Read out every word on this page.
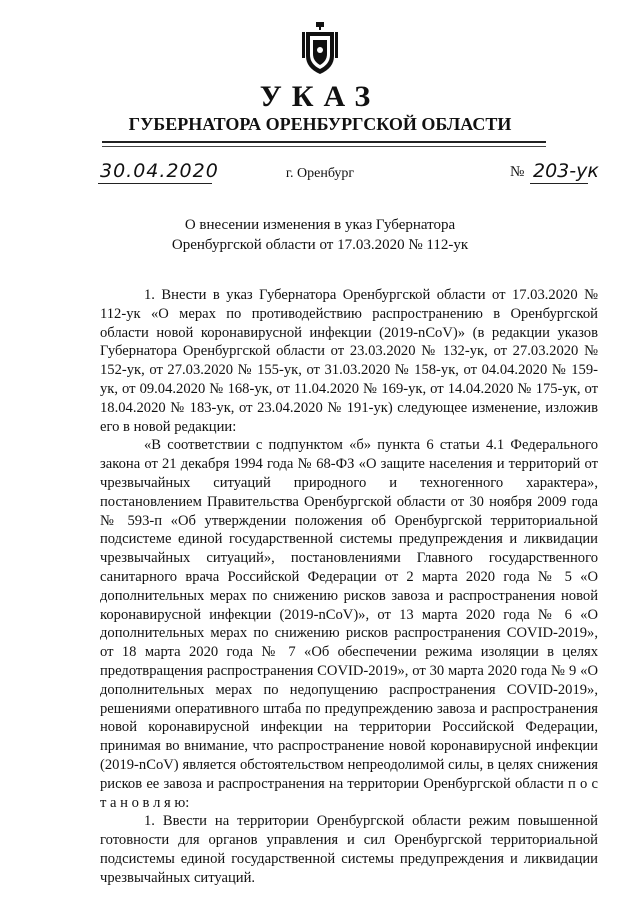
УКАЗ
ГУБЕРНАТОРА ОРЕНБУРГСКОЙ ОБЛАСТИ
30.04.2020	г. Оренбург	№ 203-ук
О внесении изменения в указ Губернатора
Оренбургской области от 17.03.2020 № 112-ук

1. Внести в указ Губернатора Оренбургской области от 17.03.2020 № 112-ук «О мерах по противодействию распространению в Оренбургской области новой коронавирусной инфекции (2019-nCoV)» (в редакции указов Губернатора Оренбургской области от 23.03.2020 № 132-ук, от 27.03.2020 № 152-ук, от 27.03.2020 № 155-ук, от 31.03.2020 № 158-ук, от 04.04.2020 № 159-ук, от 09.04.2020 № 168-ук, от 11.04.2020 № 169-ук, от 14.04.2020 № 175-ук, от 18.04.2020 № 183-ук, от 23.04.2020 № 191-ук) следующее изменение, изложив его в новой редакции:

«В соответствии с подпунктом «б» пункта 6 статьи 4.1 Федерального закона от 21 декабря 1994 года № 68-ФЗ «О защите населения и территорий от чрезвычайных ситуаций природного и техногенного характера», постановлением Правительства Оренбургской области от 30 ноября 2009 года № 593-п «Об утверждении положения об Оренбургской территориальной подсистеме единой государственной системы предупреждения и ликвидации чрезвычайных ситуаций», постановлениями Главного государственного санитарного врача Российской Федерации от 2 марта 2020 года № 5 «О дополнительных мерах по снижению рисков завоза и распространения новой коронавирусной инфекции (2019-nCoV)», от 13 марта 2020 года № 6 «О дополнительных мерах по снижению рисков распространения COVID-2019», от 18 марта 2020 года № 7 «Об обеспечении режима изоляции в целях предотвращения распространения COVID-2019», от 30 марта 2020 года № 9 «О дополнительных мерах по недопущению распространения COVID-2019», решениями оперативного штаба по предупреждению завоза и распространения новой коронавирусной инфекции на территории Российской Федерации, принимая во внимание, что распространение новой коронавирусной инфекции (2019-nCoV) является обстоятельством непреодолимой силы, в целях снижения рисков ее завоза и распространения на территории Оренбургской области п о с т а н о в л я ю:

1. Ввести на территории Оренбургской области режим повышенной готовности для органов управления и сил Оренбургской территориальной подсистемы единой государственной системы предупреждения и ликвидации чрезвычайных ситуаций.
